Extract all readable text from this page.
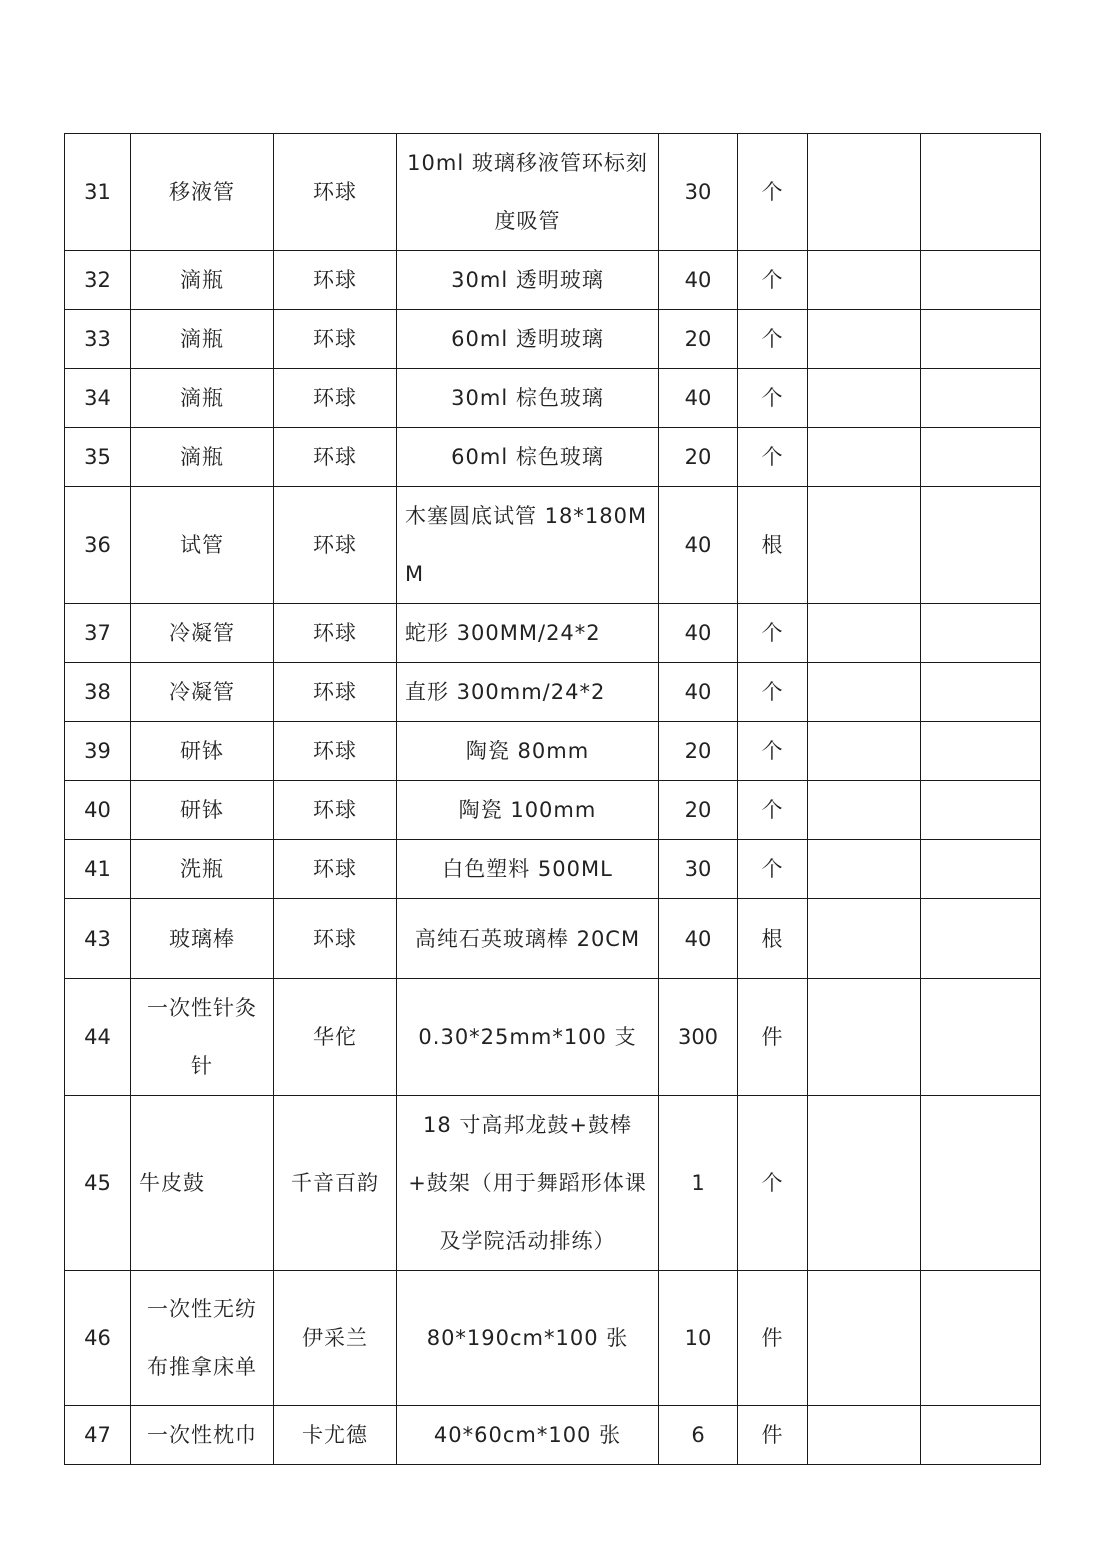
31	移液管	环球	10ml 玻璃移液管环标刻度吸管	30	个		
32	滴瓶	环球	30ml 透明玻璃	40	个		
33	滴瓶	环球	60ml 透明玻璃	20	个		
34	滴瓶	环球	30ml 棕色玻璃	40	个		
35	滴瓶	环球	60ml 棕色玻璃	20	个		
36	试管	环球	木塞圆底试管 18*180MM	40	根		
37	冷凝管	环球	蛇形 300MM/24*2	40	个		
38	冷凝管	环球	直形 300mm/24*2	40	个		
39	研钵	环球	陶瓷 80mm	20	个		
40	研钵	环球	陶瓷 100mm	20	个		
41	洗瓶	环球	白色塑料 500ML	30	个		
43	玻璃棒	环球	高纯石英玻璃棒 20CM	40	根		
44	一次性针灸针	华佗	0.30*25mm*100 支	300	件		
45	牛皮鼓	千音百韵	18 寸高邦龙鼓+鼓棒+鼓架（用于舞蹈形体课及学院活动排练）	1	个		
46	一次性无纺布推拿床单	伊采兰	80*190cm*100 张	10	件		
47	一次性枕巾	卡尤德	40*60cm*100 张	6	件		
